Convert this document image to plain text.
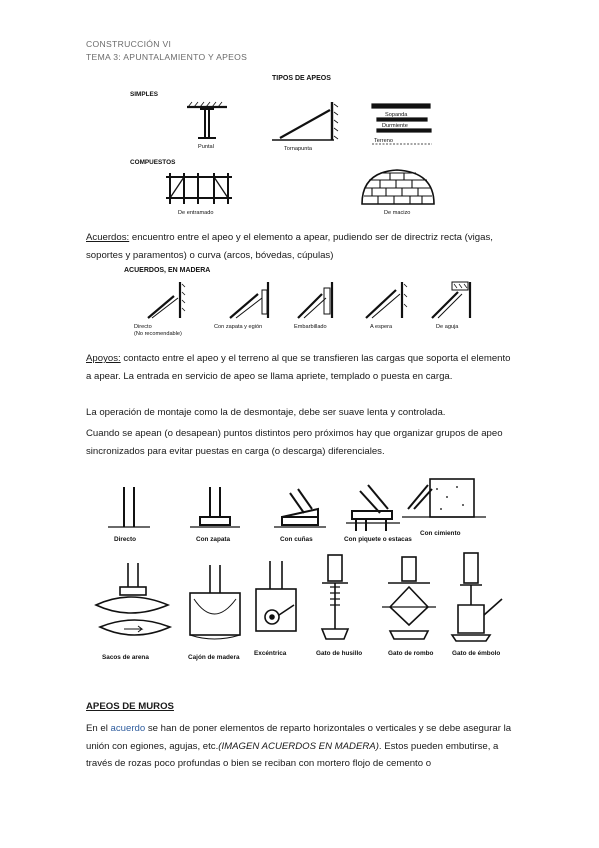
CONSTRUCCIÓN VI
TEMA 3: APUNTALAMIENTO Y APEOS
TIPOS DE APEOS
SIMPLES
Puntal	Tornapunta
Sopanda
Durmiente
Terreno
COMPUESTOS
De entramado	De macizo
Acuerdos: encuentro entre el apeo y el elemento a apear, pudiendo ser de directriz recta (vigas, soportes y paramentos) o curva (arcos, bóvedas, cúpulas)
ACUERDOS, EN MADERA
Directo
(No recomendable)
Con zapata y egión	Embarbillado	A espera	De aguja
Apoyos: contacto entre el apeo y el terreno al que se transfieren las cargas que soporta el elemento a apear. La entrada en servicio de apeo se llama apriete, templado o puesta en carga.
La operación de montaje como la de desmontaje, debe ser suave lenta y controlada.
Cuando se apean (o desapean) puntos distintos pero próximos hay que organizar grupos de apeo sincronizados para evitar puestas en carga (o descarga) diferenciales.
Directo	Con zapata	Con cuñas	Con piquete o estacas
Con cimiento
Sacos de arena	Cajón de madera
Excéntrica	Gato de husillo	Gato de rombo	Gato de émbolo
APEOS DE MUROS
En el acuerdo se han de poner elementos de reparto horizontales o verticales y se debe asegurar la unión con egiones, agujas, etc.(IMAGEN ACUERDOS EN MADERA). Estos pueden embutirse, a través de rozas poco profundas o bien se reciban con mortero flojo de cemento o
